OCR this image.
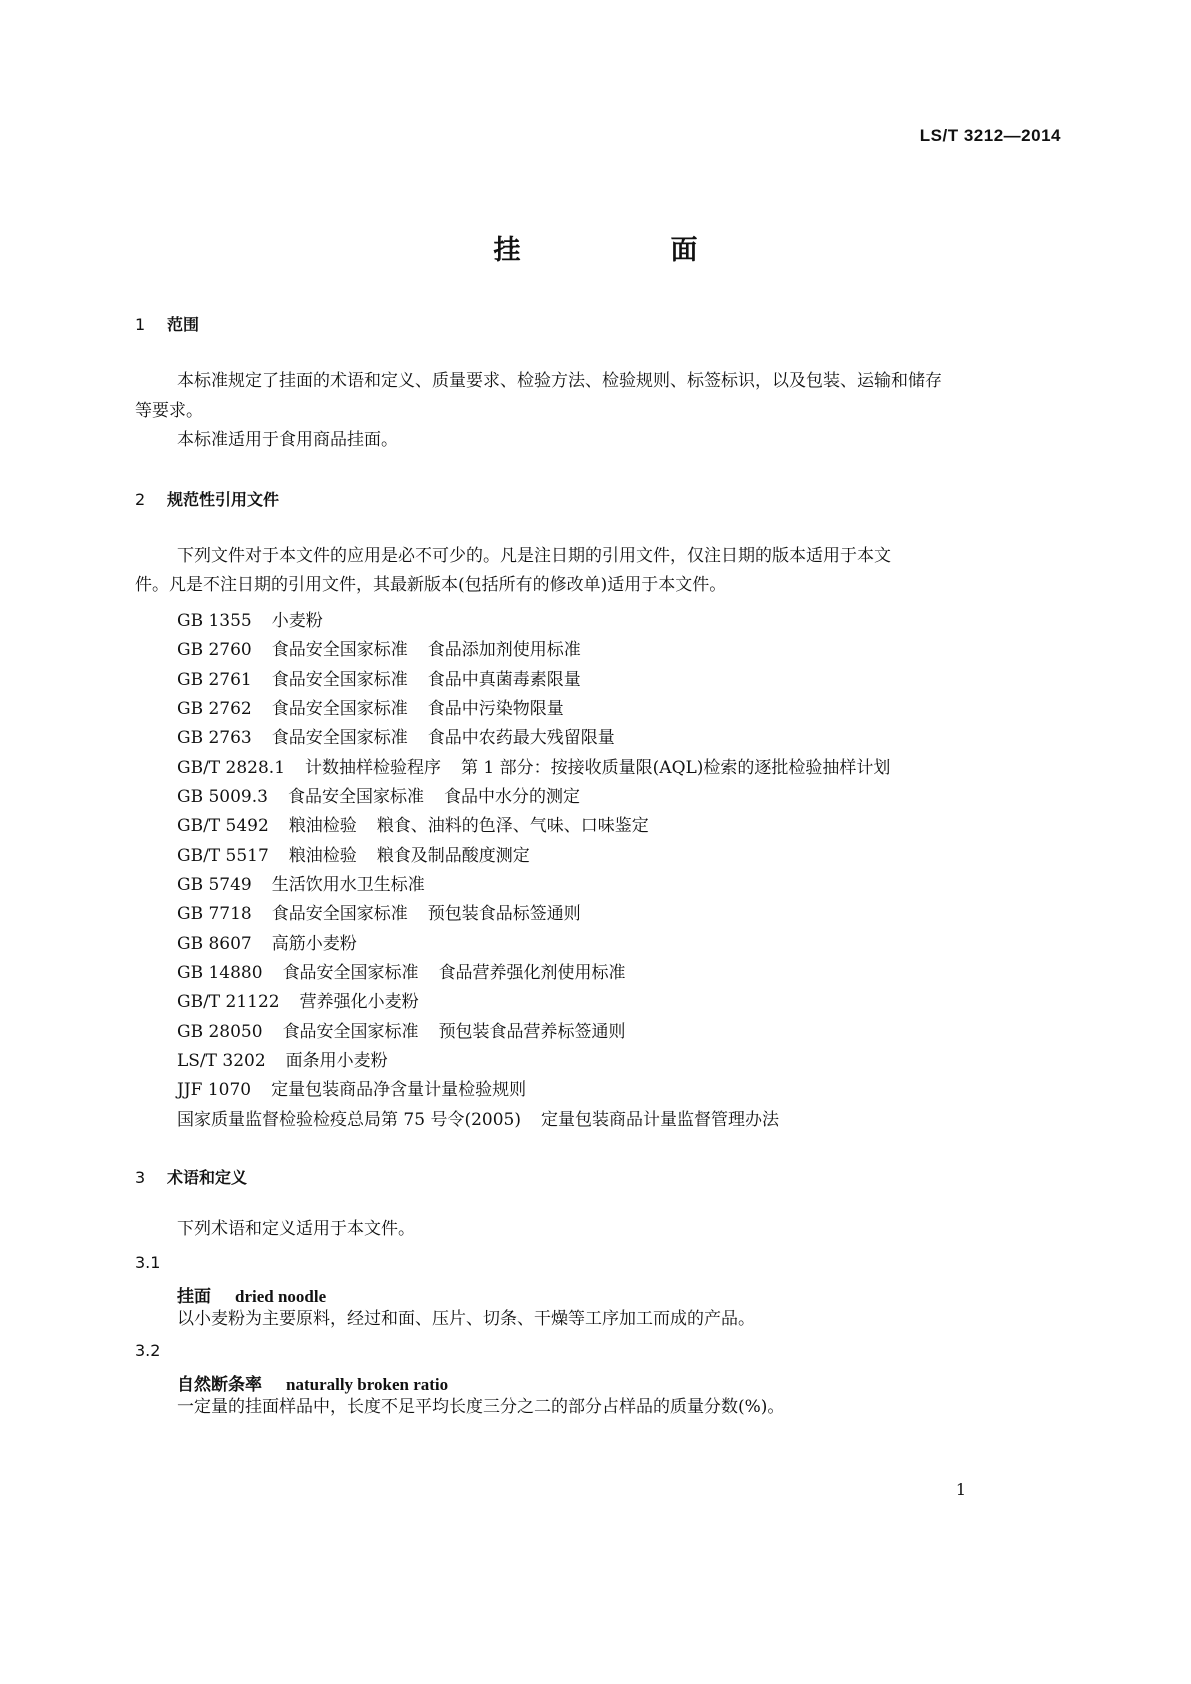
LS/T 3212—2014
挂	面
1 范围
本标准规定了挂面的术语和定义、质量要求、检验方法、检验规则、标签标识，以及包装、运输和储存
等要求。
本标准适用于食用商品挂面。
2 规范性引用文件
下列文件对于本文件的应用是必不可少的。凡是注日期的引用文件，仅注日期的版本适用于本文
件。凡是不注日期的引用文件，其最新版本(包括所有的修改单)适用于本文件。
GB 1355 小麦粉
GB 2760 食品安全国家标准 食品添加剂使用标准
GB 2761 食品安全国家标准 食品中真菌毒素限量
GB 2762 食品安全国家标准 食品中污染物限量
GB 2763 食品安全国家标准 食品中农药最大残留限量
GB/T 2828.1 计数抽样检验程序 第 1 部分：按接收质量限(AQL)检索的逐批检验抽样计划
GB 5009.3 食品安全国家标准 食品中水分的测定
GB/T 5492 粮油检验 粮食、油料的色泽、气味、口味鉴定
GB/T 5517 粮油检验 粮食及制品酸度测定
GB 5749 生活饮用水卫生标准
GB 7718 食品安全国家标准 预包装食品标签通则
GB 8607 高筋小麦粉
GB 14880 食品安全国家标准 食品营养强化剂使用标准
GB/T 21122 营养强化小麦粉
GB 28050 食品安全国家标准 预包装食品营养标签通则
LS/T 3202 面条用小麦粉
JJF 1070 定量包装商品净含量计量检验规则
国家质量监督检验检疫总局第 75 号令(2005) 定量包装商品计量监督管理办法
3 术语和定义
下列术语和定义适用于本文件。
3.1
挂面 dried noodle
以小麦粉为主要原料，经过和面、压片、切条、干燥等工序加工而成的产品。
3.2
自然断条率 naturally broken ratio
一定量的挂面样品中，长度不足平均长度三分之二的部分占样品的质量分数(%)。
1
